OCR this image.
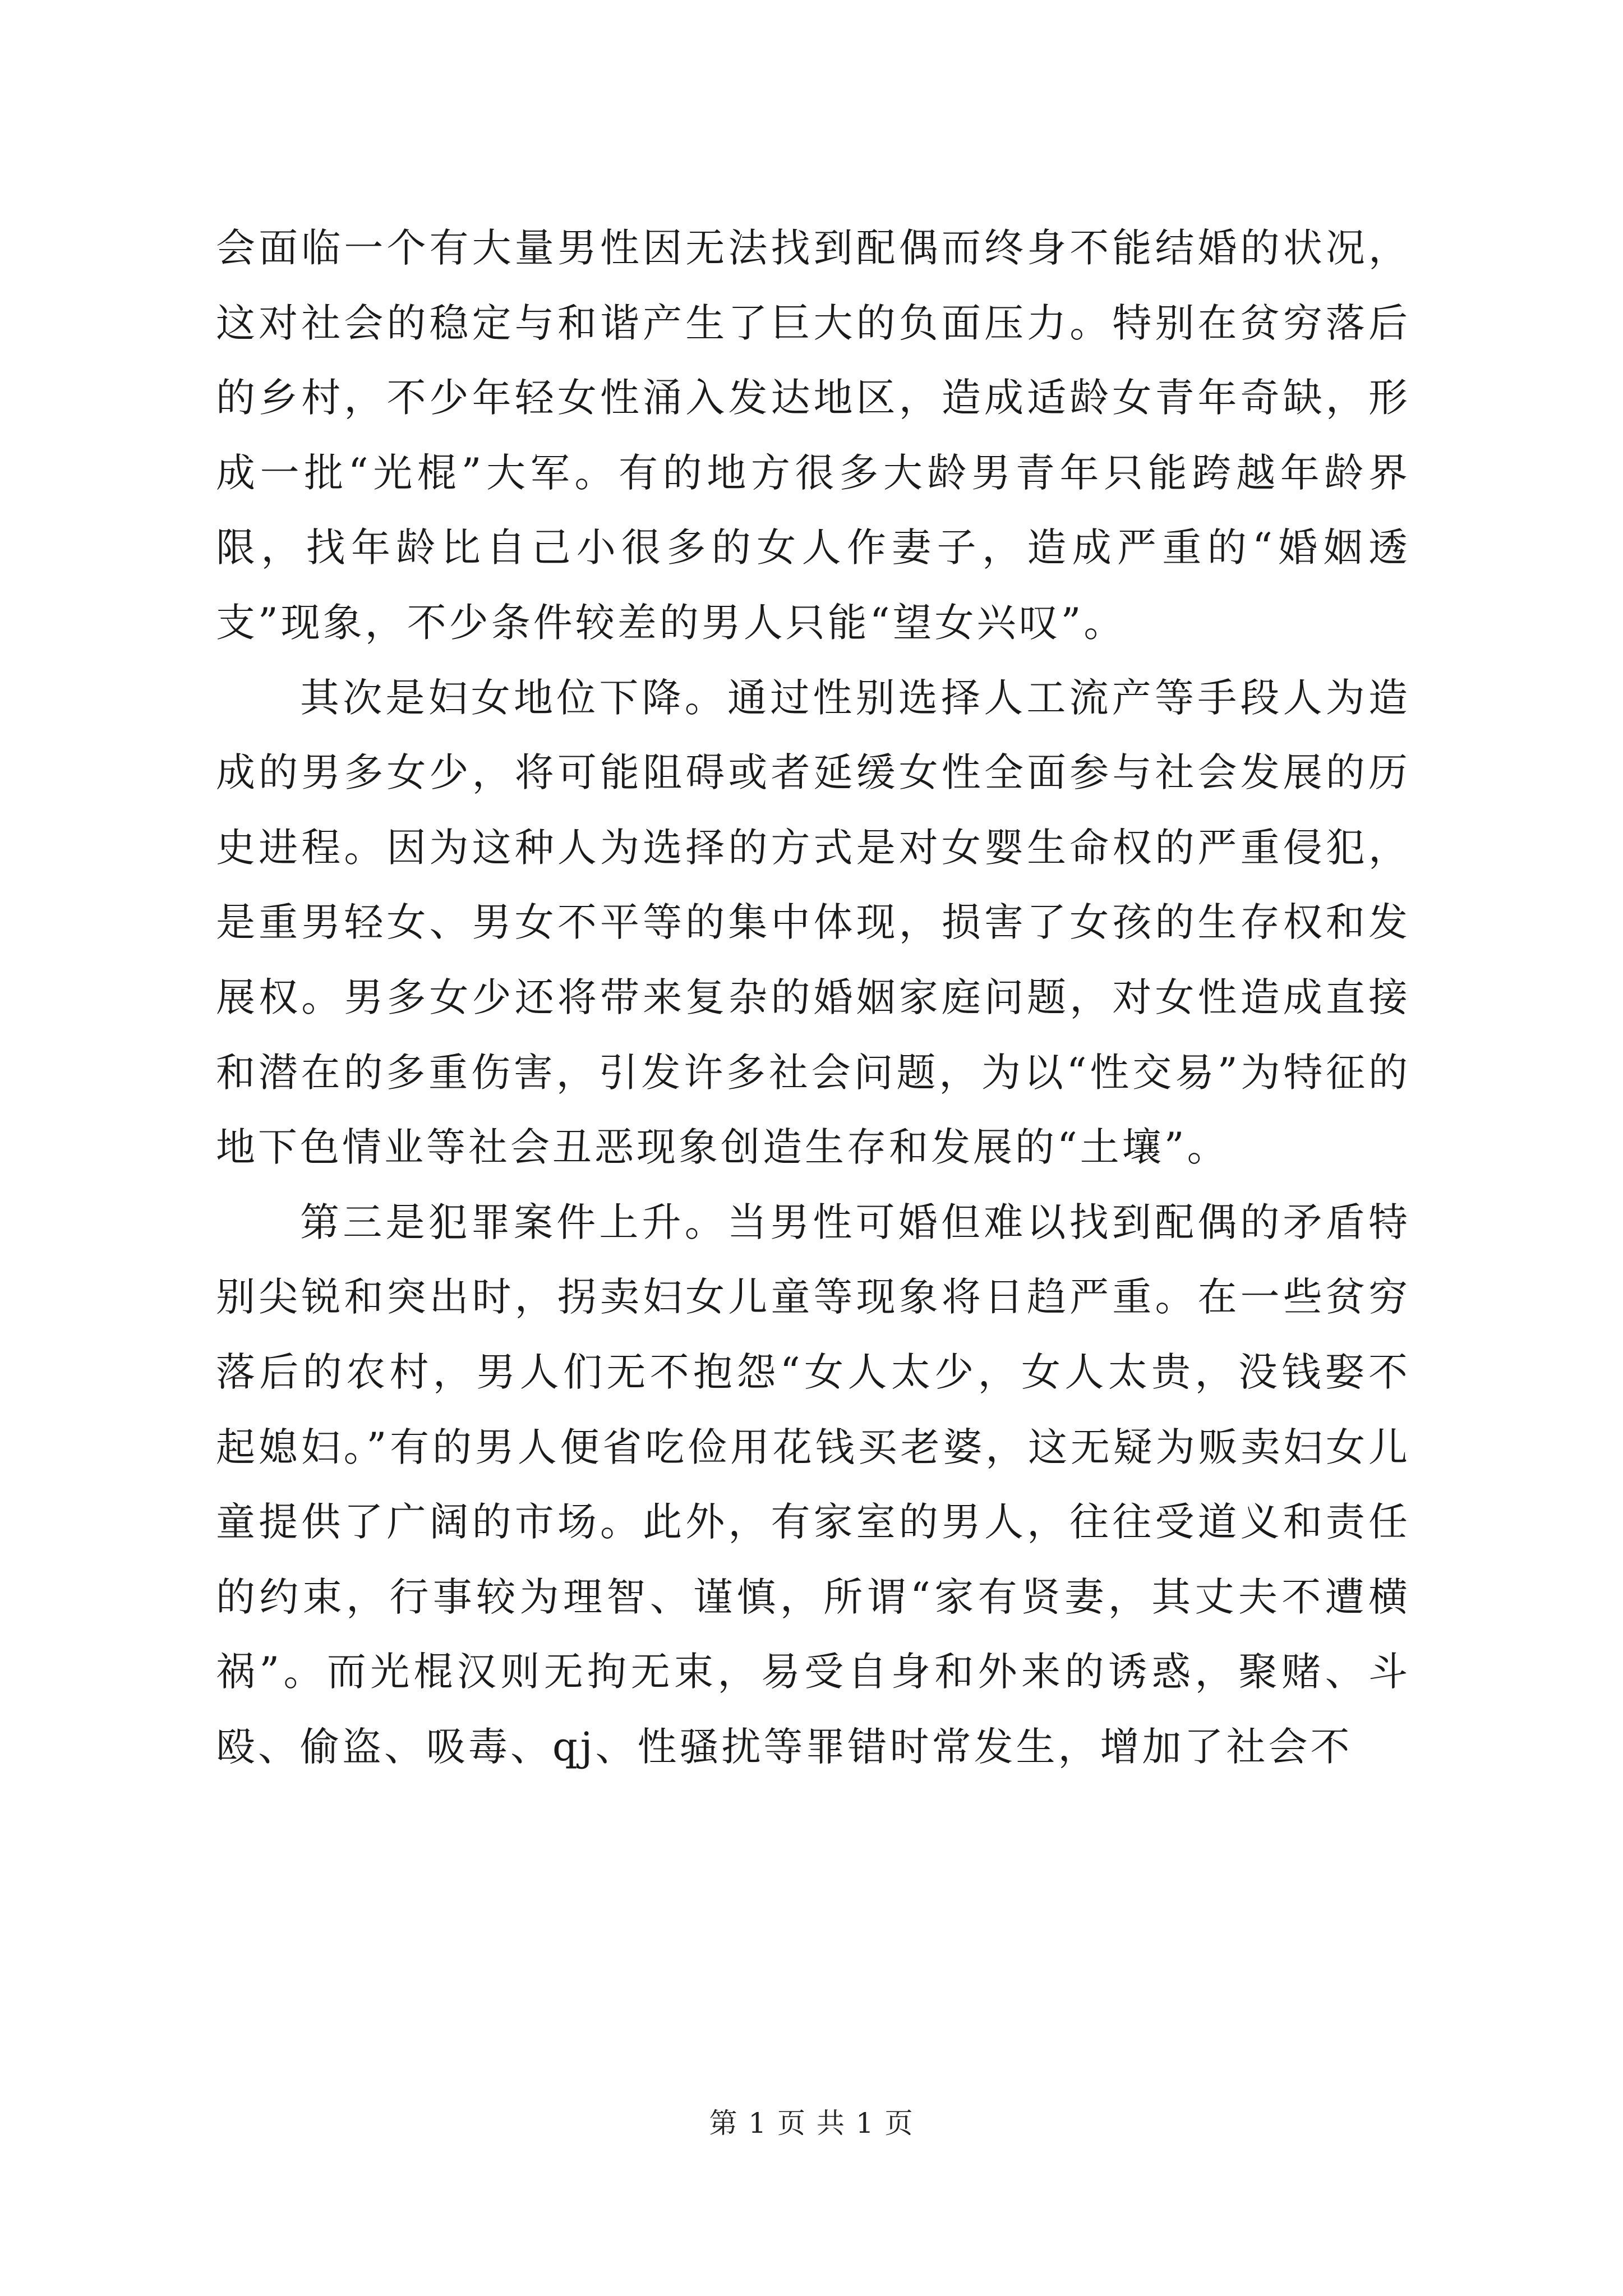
会面临一个有大量男性因无法找到配偶而终身不能结婚的状况，这对社会的稳定与和谐产生了巨大的负面压力。特别在贫穷落后的乡村，不少年轻女性涌入发达地区，造成适龄女青年奇缺，形成一批“光棍”大军。有的地方很多大龄男青年只能跨越年龄界限，找年龄比自己小很多的女人作妻子，造成严重的“婚姻透支”现象，不少条件较差的男人只能“望女兴叹”。

其次是妇女地位下降。通过性别选择人工流产等手段人为造成的男多女少，将可能阻碍或者延缓女性全面参与社会发展的历史进程。因为这种人为选择的方式是对女婴生命权的严重侵犯，是重男轻女、男女不平等的集中体现，损害了女孩的生存权和发展权。男多女少还将带来复杂的婚姻家庭问题，对女性造成直接和潜在的多重伤害，引发许多社会问题，为以“性交易”为特征的地下色情业等社会丑恶现象创造生存和发展的“土壤”。

第三是犯罪案件上升。当男性可婚但难以找到配偶的矛盾特别尖锐和突出时，拐卖妇女儿童等现象将日趋严重。在一些贫穷落后的农村，男人们无不抱怨“女人太少，女人太贵，没钱娶不起媳妇。”有的男人便省吃俭用花钱买老婆，这无疑为贩卖妇女儿童提供了广阔的市场。此外，有家室的男人，往往受道义和责任的约束，行事较为理智、谨慎，所谓“家有贤妻，其丈夫不遭横祸”。而光棍汉则无拘无束，易受自身和外来的诱惑，聚赌、斗殴、偷盗、吸毒、qj、性骚扰等罪错时常发生，增加了社会不

第 1 页 共 1 页
